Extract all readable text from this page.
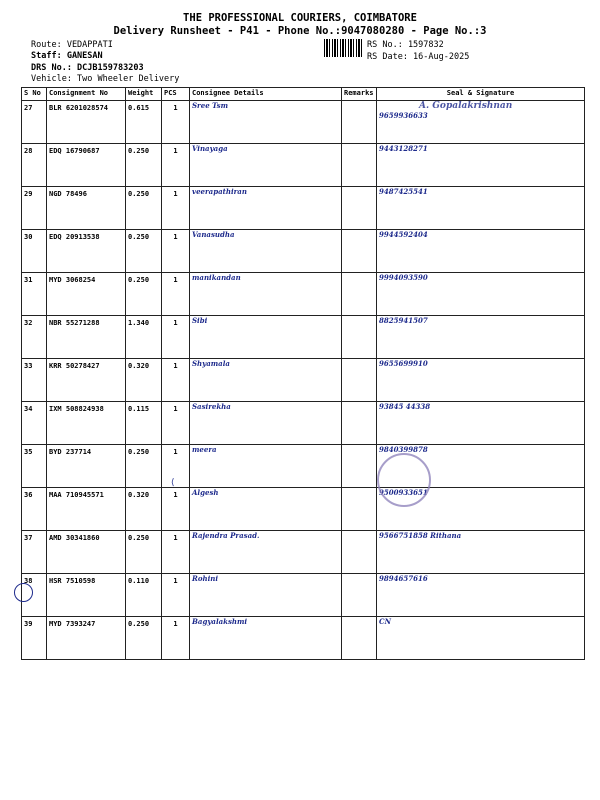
THE PROFESSIONAL COURIERS, COIMBATORE
Delivery Runsheet - P41 - Phone No.:9047080280 - Page No.:3
Route: VEDAPPATI
Staff: GANESAN
DRS No.: DCJB159783203
Vehicle: Two Wheeler Delivery
RS No.: 1597832
RS Date: 16-Aug-2025
S No	Consignment No	Weight	PCS	Consignee Details	Remarks	Seal & Signature

27	BLR 6201028574	0.615	1	Sree Tsm		A. Gopalakrishnan
9659936633

28	EDQ 16790687	0.250	1	Vinayaga		9443128271

29	NGD 78496	0.250	1	veerapathiran		9487425541

30	EDQ 20913538	0.250	1	Vanasudha		9944592404

31	MYD 3068254	0.250	1	manikandan		9994093590

32	NBR 55271288	1.340	1	Sibi		8825941507

33	KRR 50278427	0.320	1	Shyamala		9655699910

34	IXM 508824938	0.115	1	Sasirekha		93845 44338

35	BYD 237714	0.250	1	meera		9840399878

36	MAA 710945571	0.320	1	Algesh		9500933651

37	AMD 30341860	0.250	1	Rajendra Prasad.		9566751858 Rithana

38	HSR 7510598	0.110	1	Rohini		9894657616

39	MYD 7393247	0.250	1	Bagyalakshmi		CN
⟨
